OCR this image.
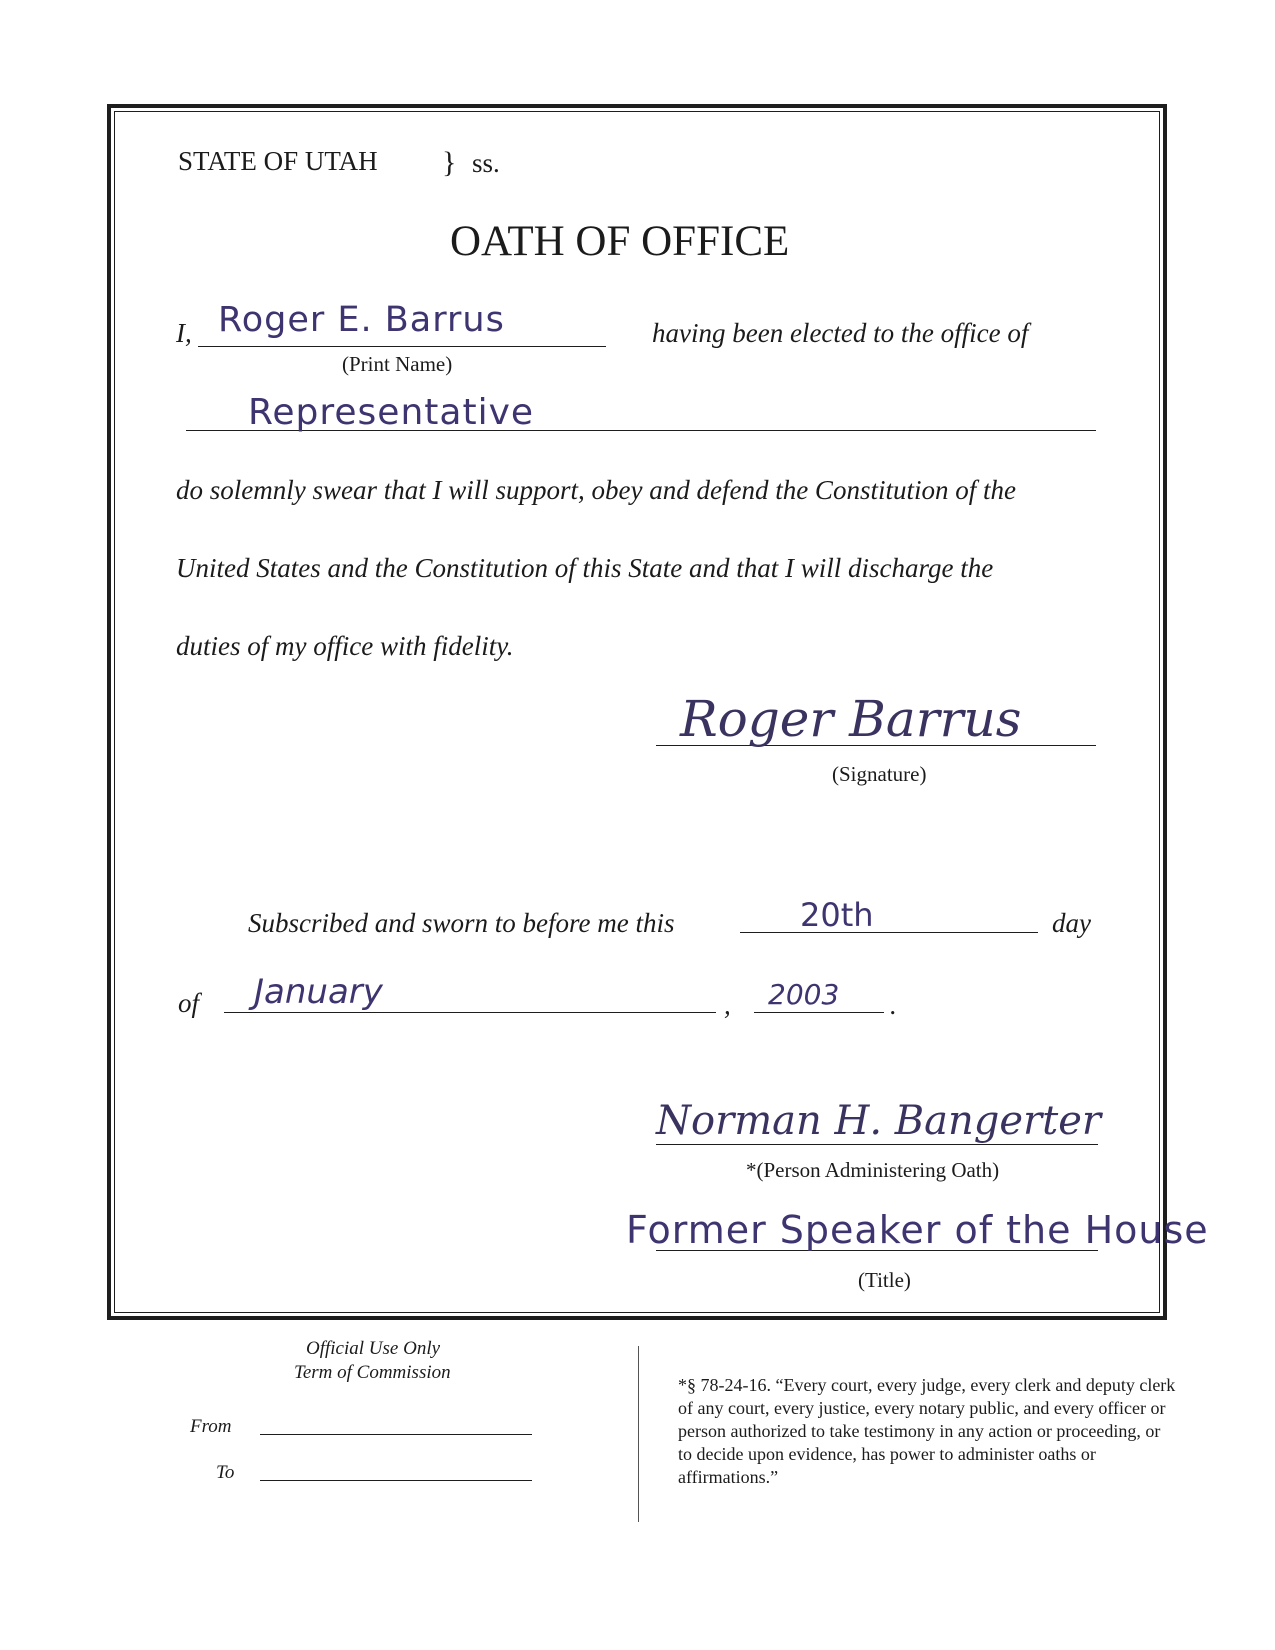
STATE OF UTAH } ss.
OATH OF OFFICE
I, Roger E. Barrus
(Print Name)
having been elected to the office of
Representative
do solemnly swear that I will support, obey and defend the Constitution of the
United States and the Constitution of this State and that I will discharge the
duties of my office with fidelity.
Roger Barrus
(Signature)
Subscribed and sworn to before me this	20th	day
of January	, 2003 .
Norman H. Bangerter
*(Person Administering Oath)
Former Speaker of the House
(Title)
Official Use Only
Term of Commission
From
To
*§ 78-24-16. “Every court, every judge, every clerk and deputy clerk of any court, every justice, every notary public, and every officer or person authorized to take testimony in any action or proceeding, or to decide upon evidence, has power to administer oaths or affirmations.”
